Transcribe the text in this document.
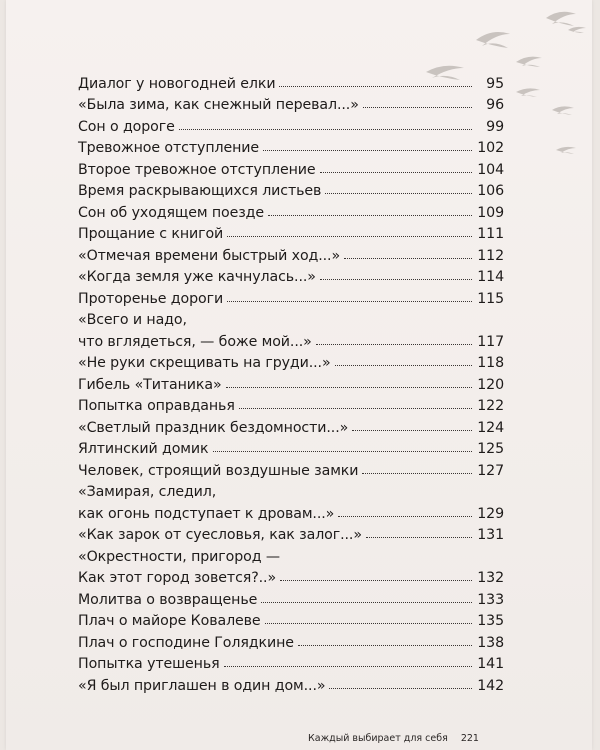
Диалог у новогодней елки	95
«Была зима, как снежный перевал...»	96
Сон о дороге	99
Тревожное отступление	102
Второе тревожное отступление	104
Время раскрывающихся листьев	106
Сон об уходящем поезде	109
Прощание с книгой	111
«Отмечая времени быстрый ход...»	112
«Когда земля уже качнулась...»	114
Проторенье дороги	115
«Всего и надо,
что вглядеться, — боже мой...»	117
«Не руки скрещивать на груди...»	118
Гибель «Титаника»	120
Попытка оправданья	122
«Светлый праздник бездомности...»	124
Ялтинский домик	125
Человек, строящий воздушные замки	127
«Замирая, следил,
как огонь подступает к дровам...»	129
«Как зарок от суесловья, как залог...»	131
«Окрестности, пригород —
Как этот город зовется?..»	132
Молитва о возвращенье	133
Плач о майоре Ковалеве	135
Плач о господине Голядкине	138
Попытка утешенья	141
«Я был приглашен в один дом...»	142
Каждый выбирает для себя 221
